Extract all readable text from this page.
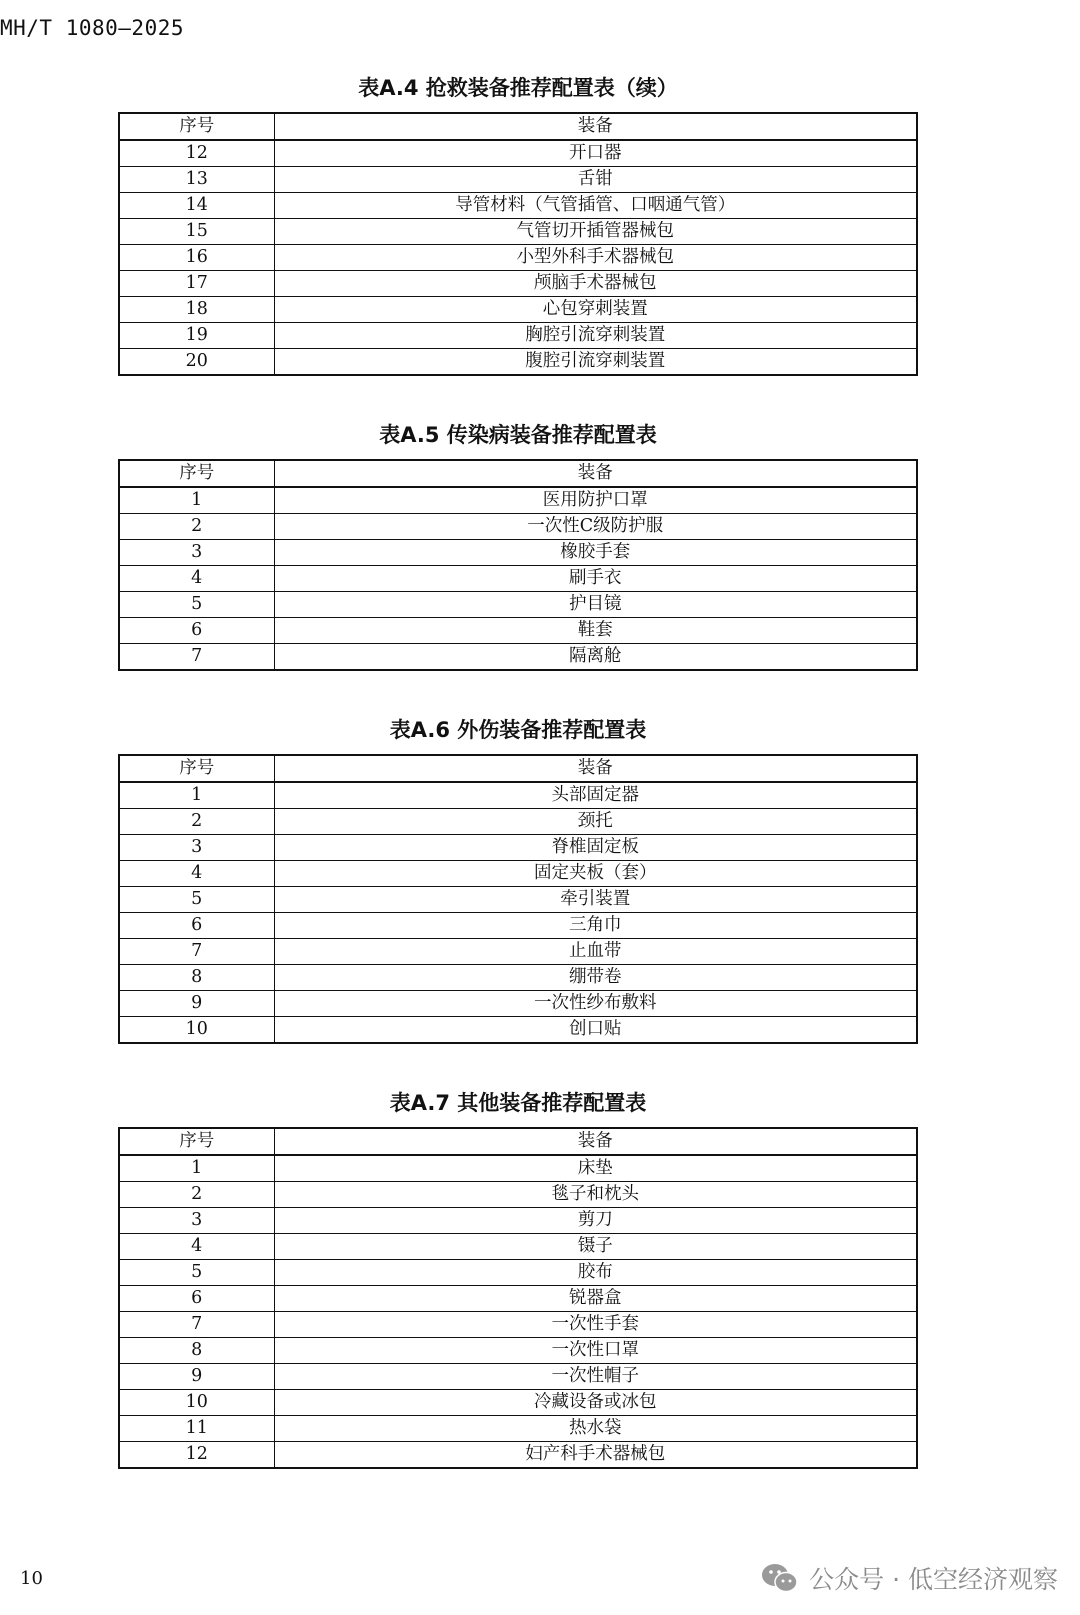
MH/T 1080—2025
表A.4 抢救装备推荐配置表（续）
序号	装备
12	开口器
13	舌钳
14	导管材料（气管插管、口咽通气管）
15	气管切开插管器械包
16	小型外科手术器械包
17	颅脑手术器械包
18	心包穿刺装置
19	胸腔引流穿刺装置
20	腹腔引流穿刺装置
表A.5 传染病装备推荐配置表
序号	装备
1	医用防护口罩
2	一次性C级防护服
3	橡胶手套
4	刷手衣
5	护目镜
6	鞋套
7	隔离舱
表A.6 外伤装备推荐配置表
序号	装备
1	头部固定器
2	颈托
3	脊椎固定板
4	固定夹板（套）
5	牵引装置
6	三角巾
7	止血带
8	绷带卷
9	一次性纱布敷料
10	创口贴
表A.7 其他装备推荐配置表
序号	装备
1	床垫
2	毯子和枕头
3	剪刀
4	镊子
5	胶布
6	锐器盒
7	一次性手套
8	一次性口罩
9	一次性帽子
10	冷藏设备或冰包
11	热水袋
12	妇产科手术器械包
10	公众号 · 低空经济观察
